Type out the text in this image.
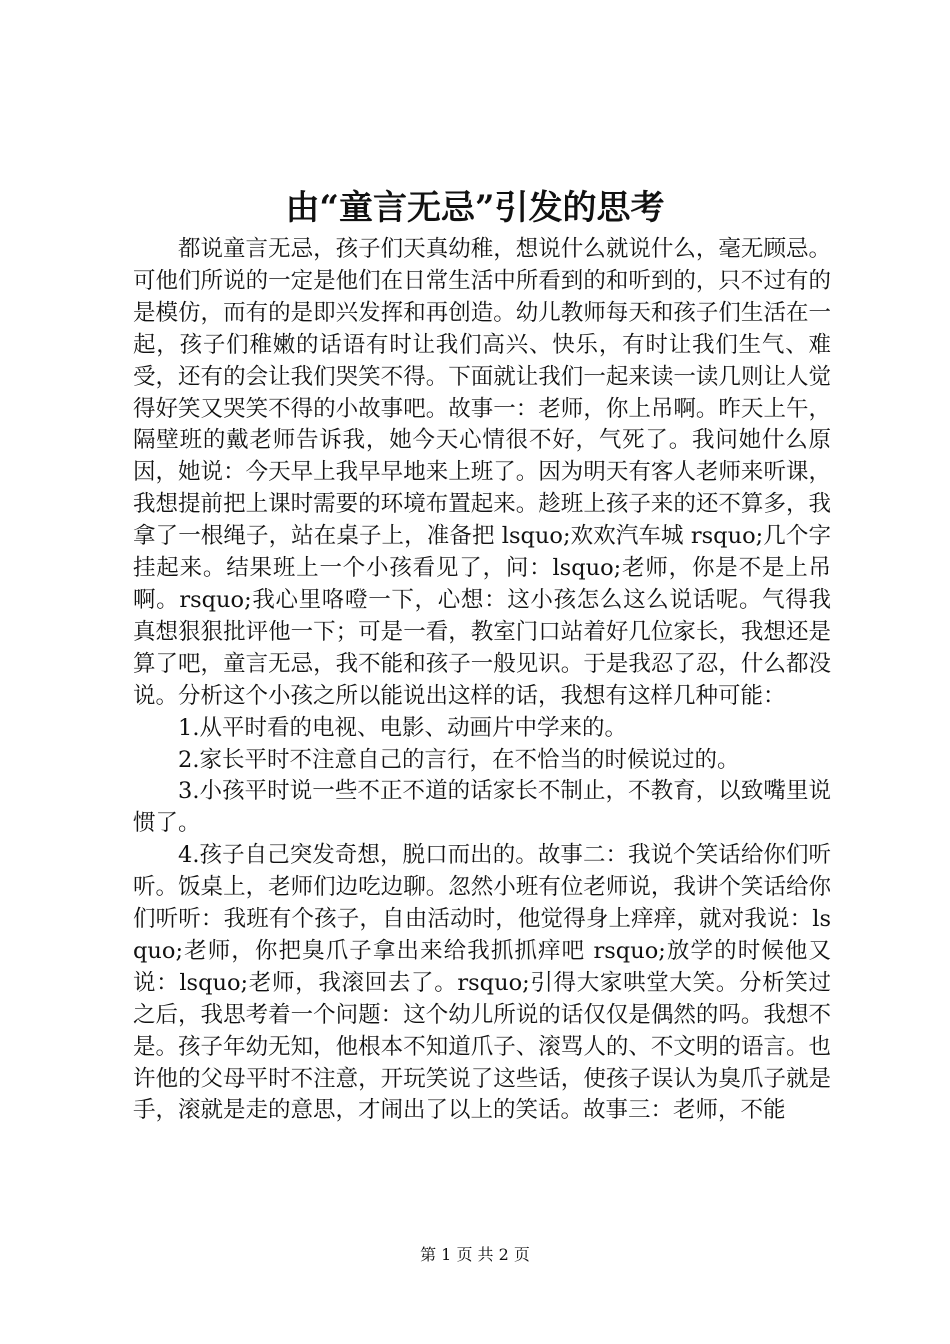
由“童言无忌”引发的思考

都说童言无忌，孩子们天真幼稚，想说什么就说什么，毫无顾忌。可他们所说的一定是他们在日常生活中所看到的和听到的，只不过有的是模仿，而有的是即兴发挥和再创造。幼儿教师每天和孩子们生活在一起，孩子们稚嫩的话语有时让我们高兴、快乐，有时让我们生气、难受，还有的会让我们哭笑不得。下面就让我们一起来读一读几则让人觉得好笑又哭笑不得的小故事吧。故事一：老师，你上吊啊。昨天上午，隔壁班的戴老师告诉我，她今天心情很不好，气死了。我问她什么原因，她说：今天早上我早早地来上班了。因为明天有客人老师来听课，我想提前把上课时需要的环境布置起来。趁班上孩子来的还不算多，我拿了一根绳子，站在桌子上，准备把 lsquo;欢欢汽车城 rsquo;几个字挂起来。结果班上一个小孩看见了，问：lsquo;老师，你是不是上吊啊。rsquo;我心里咯噔一下，心想：这小孩怎么这么说话呢。气得我真想狠狠批评他一下；可是一看，教室门口站着好几位家长，我想还是算了吧，童言无忌，我不能和孩子一般见识。于是我忍了忍，什么都没说。分析这个小孩之所以能说出这样的话，我想有这样几种可能：

1.从平时看的电视、电影、动画片中学来的。

2.家长平时不注意自己的言行，在不恰当的时候说过的。

3.小孩平时说一些不正不道的话家长不制止，不教育，以致嘴里说惯了。

4.孩子自己突发奇想，脱口而出的。故事二：我说个笑话给你们听听。饭桌上，老师们边吃边聊。忽然小班有位老师说，我讲个笑话给你们听听：我班有个孩子，自由活动时，他觉得身上痒痒，就对我说：lsquo;老师，你把臭爪子拿出来给我抓抓痒吧 rsquo;放学的时候他又说：lsquo;老师，我滚回去了。rsquo;引得大家哄堂大笑。分析笑过之后，我思考着一个问题：这个幼儿所说的话仅仅是偶然的吗。我想不是。孩子年幼无知，他根本不知道爪子、滚骂人的、不文明的语言。也许他的父母平时不注意，开玩笑说了这些话，使孩子误认为臭爪子就是手，滚就是走的意思，才闹出了以上的笑话。故事三：老师，不能

第 1 页 共 2 页
